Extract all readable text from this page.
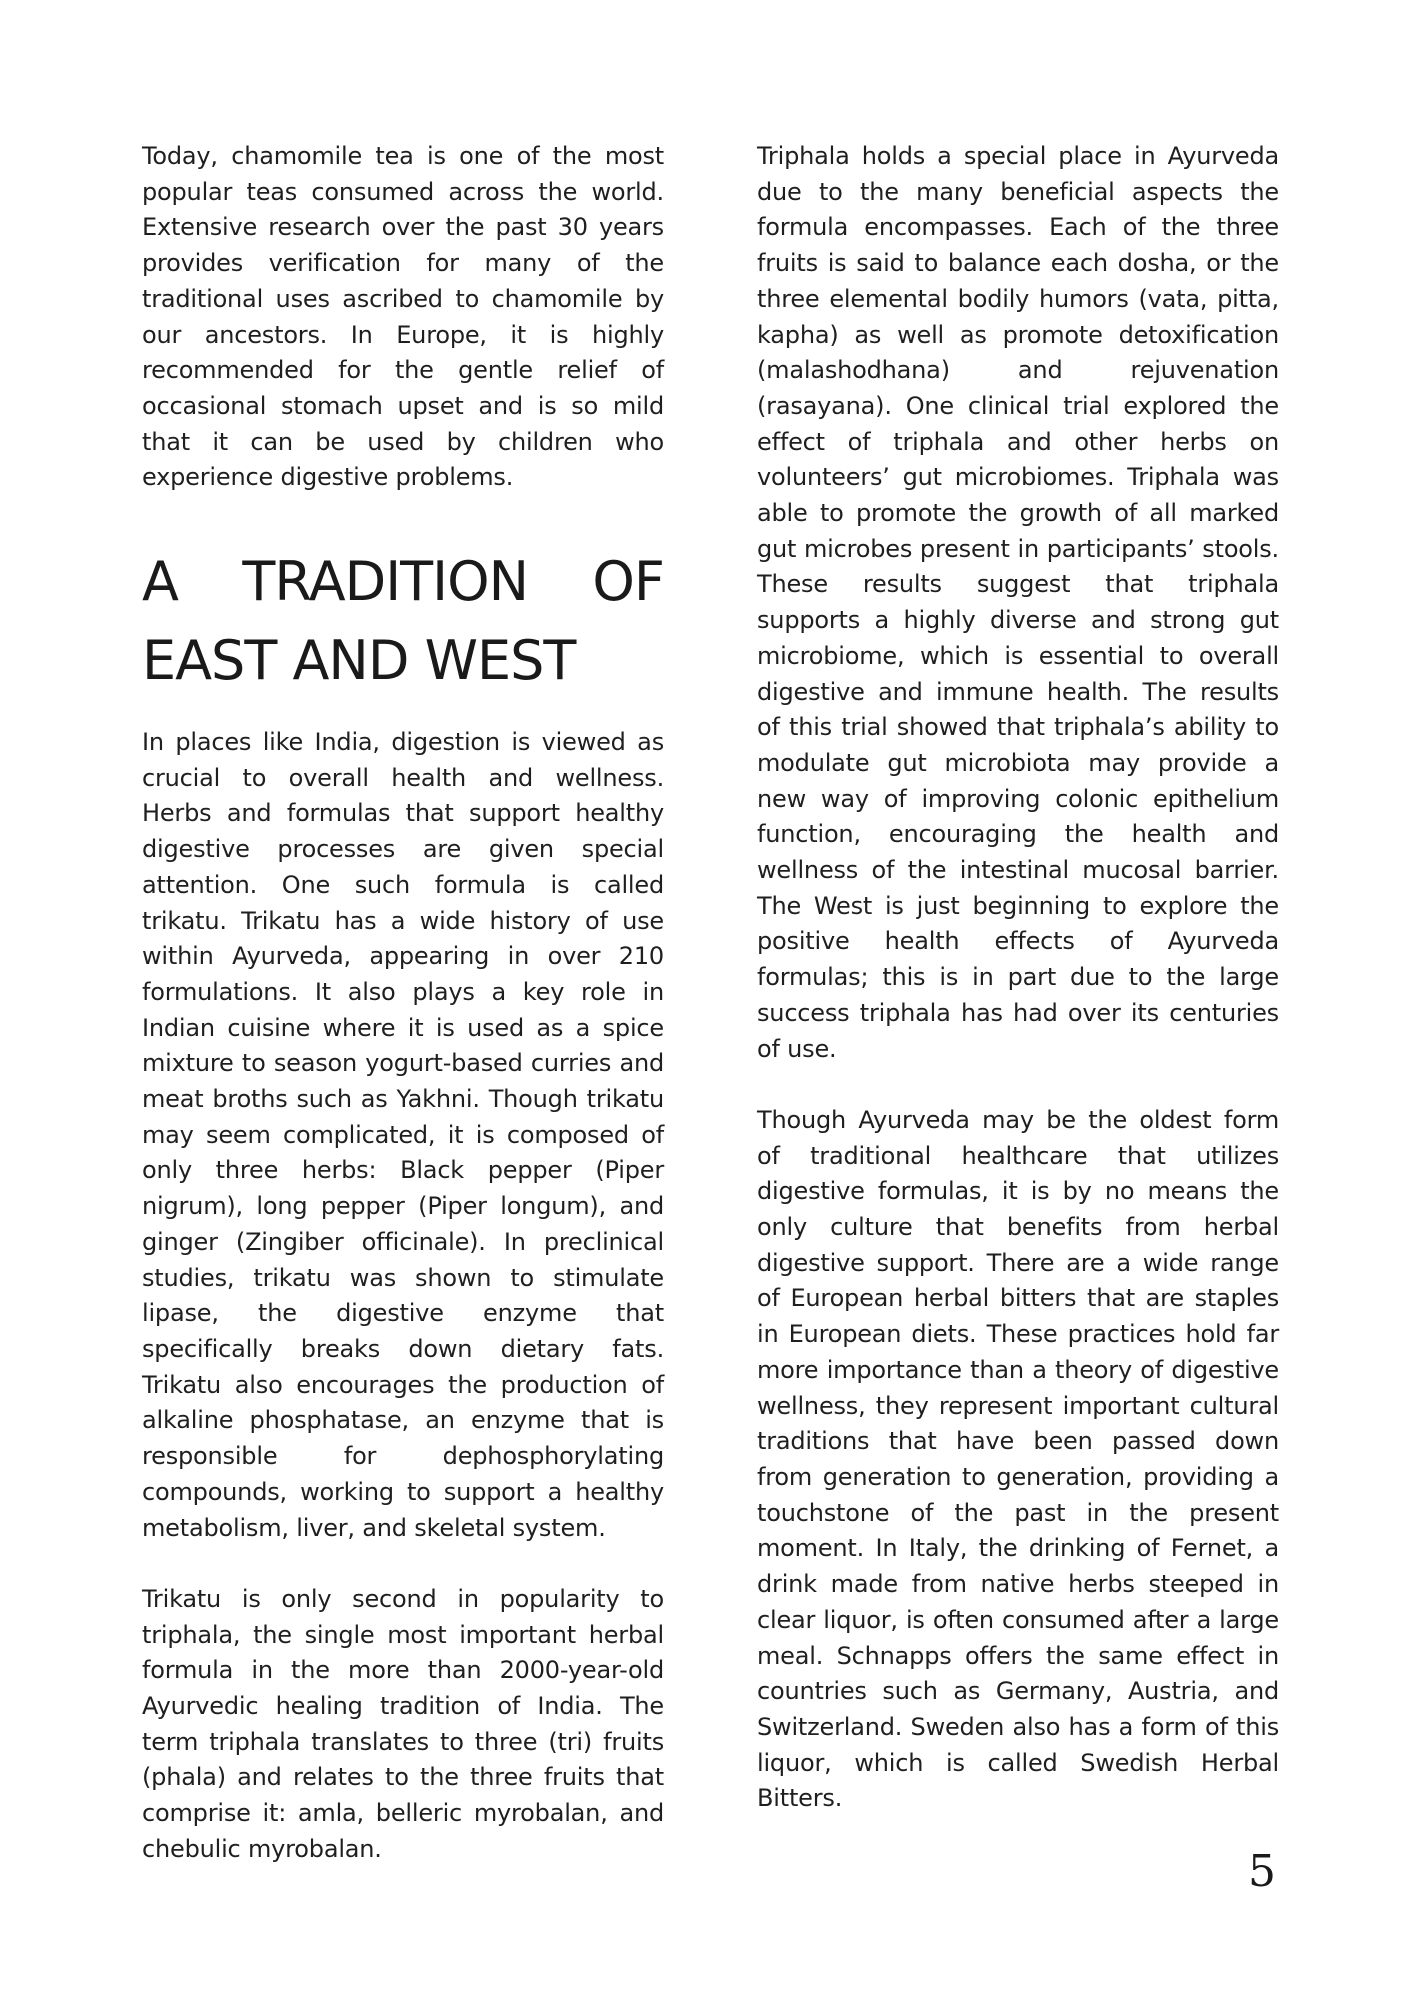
Today, chamomile tea is one of the most popular teas consumed across the world. Extensive research over the past 30 years provides verification for many of the traditional uses ascribed to chamomile by our ancestors. In Europe, it is highly recommended for the gentle relief of occasional stomach upset and is so mild that it can be used by children who experience digestive problems.

A TRADITION OF
EAST AND WEST

In places like India, digestion is viewed as crucial to overall health and wellness. Herbs and formulas that support healthy digestive processes are given special attention. One such formula is called trikatu. Trikatu has a wide history of use within Ayurveda, appearing in over 210 formulations. It also plays a key role in Indian cuisine where it is used as a spice mixture to season yogurt-based curries and meat broths such as Yakhni. Though trikatu may seem complicated, it is composed of only three herbs: Black pepper (Piper nigrum), long pepper (Piper longum), and ginger (Zingiber officinale). In preclinical studies, trikatu was shown to stimulate lipase, the digestive enzyme that specifically breaks down dietary fats. Trikatu also encourages the production of alkaline phosphatase, an enzyme that is responsible for dephosphorylating compounds, working to support a healthy metabolism, liver, and skeletal system.

Trikatu is only second in popularity to triphala, the single most important herbal formula in the more than 2000-year-old Ayurvedic healing tradition of India. The term triphala translates to three (tri) fruits (phala) and relates to the three fruits that comprise it: amla, belleric myrobalan, and chebulic myrobalan.

Triphala holds a special place in Ayurveda due to the many beneficial aspects the formula encompasses. Each of the three fruits is said to balance each dosha, or the three elemental bodily humors (vata, pitta, kapha) as well as promote detoxification (malashodhana) and rejuvenation (rasayana). One clinical trial explored the effect of triphala and other herbs on volunteers’ gut microbiomes. Triphala was able to promote the growth of all marked gut microbes present in participants’ stools. These results suggest that triphala supports a highly diverse and strong gut microbiome, which is essential to overall digestive and immune health. The results of this trial showed that triphala’s ability to modulate gut microbiota may provide a new way of improving colonic epithelium function, encouraging the health and wellness of the intestinal mucosal barrier. The West is just beginning to explore the positive health effects of Ayurveda formulas; this is in part due to the large success triphala has had over its centuries of use.

Though Ayurveda may be the oldest form of traditional healthcare that utilizes digestive formulas, it is by no means the only culture that benefits from herbal digestive support. There are a wide range of European herbal bitters that are staples in European diets. These practices hold far more importance than a theory of digestive wellness, they represent important cultural traditions that have been passed down from generation to generation, providing a touchstone of the past in the present moment. In Italy, the drinking of Fernet, a drink made from native herbs steeped in clear liquor, is often consumed after a large meal. Schnapps offers the same effect in countries such as Germany, Austria, and Switzerland. Sweden also has a form of this liquor, which is called Swedish Herbal Bitters.

5
